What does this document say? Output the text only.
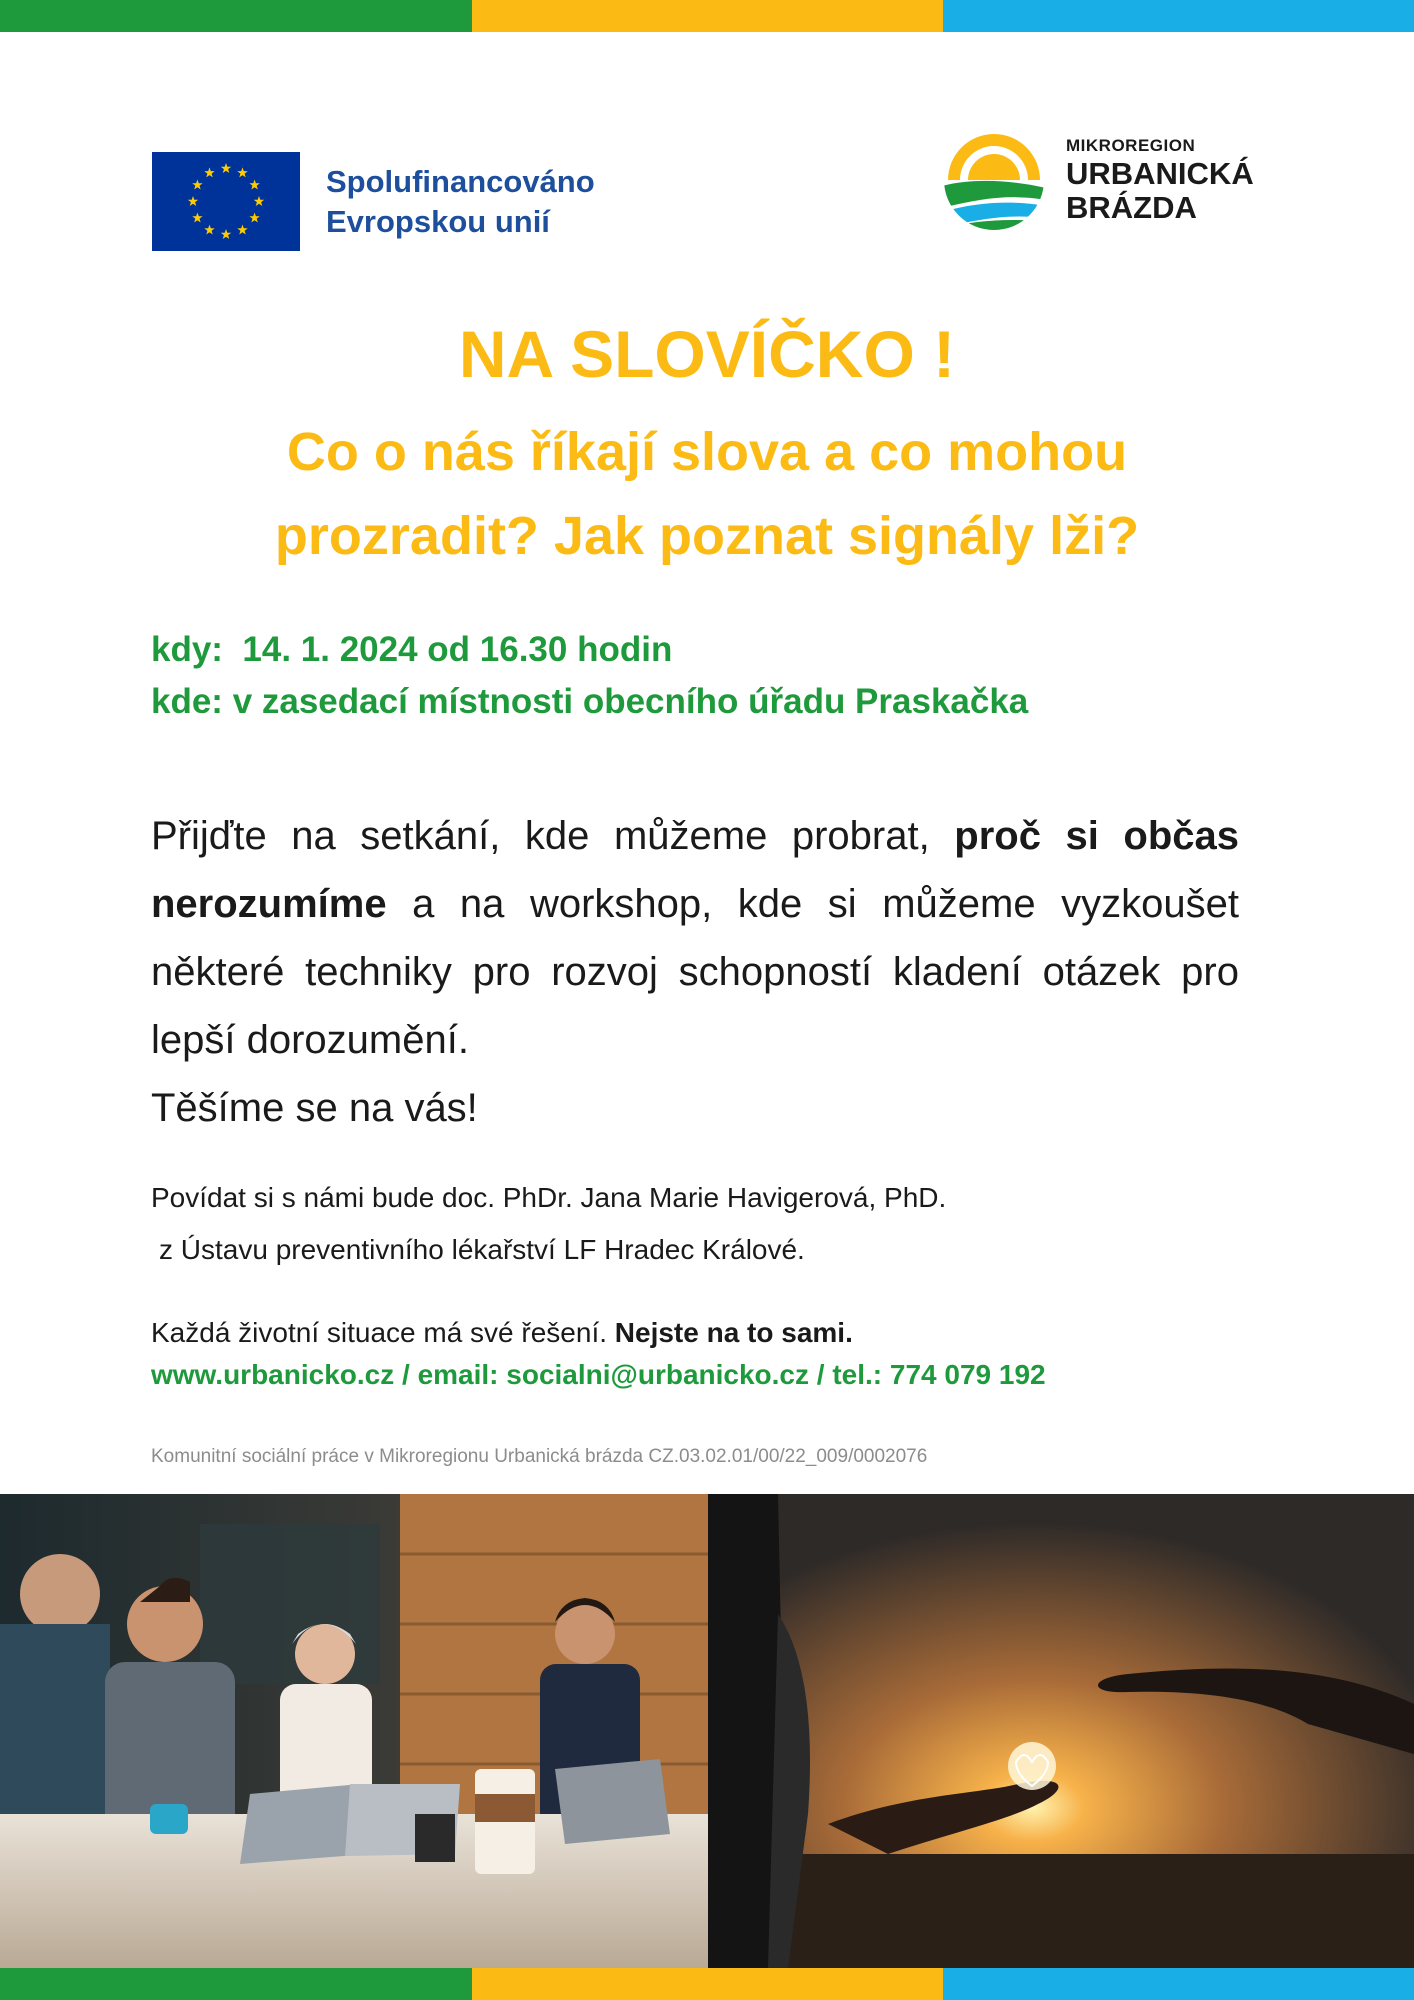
Spolufinancováno
Evropskou unií
MIKROREGION
URBANICKÁ
BRÁZDA
NA SLOVÍČKO !
Co o nás říkají slova a co mohou
prozradit? Jak poznat signály lži?
kdy:  14. 1. 2024 od 16.30 hodin
kde: v zasedací místnosti obecního úřadu Praskačka
Přijďte na setkání, kde můžeme probrat, proč si občas nerozumíme a na workshop, kde si můžeme vyzkoušet některé techniky pro rozvoj schopností kladení otázek pro lepší dorozumění.
Těšíme se na vás!
Povídat si s námi bude doc. PhDr. Jana Marie Havigerová, PhD.
z Ústavu preventivního lékařství LF Hradec Králové.
Každá životní situace má své řešení. Nejste na to sami.
www.urbanicko.cz / email: socialni@urbanicko.cz / tel.: 774 079 192
Komunitní sociální práce v Mikroregionu Urbanická brázda CZ.03.02.01/00/22_009/0002076
